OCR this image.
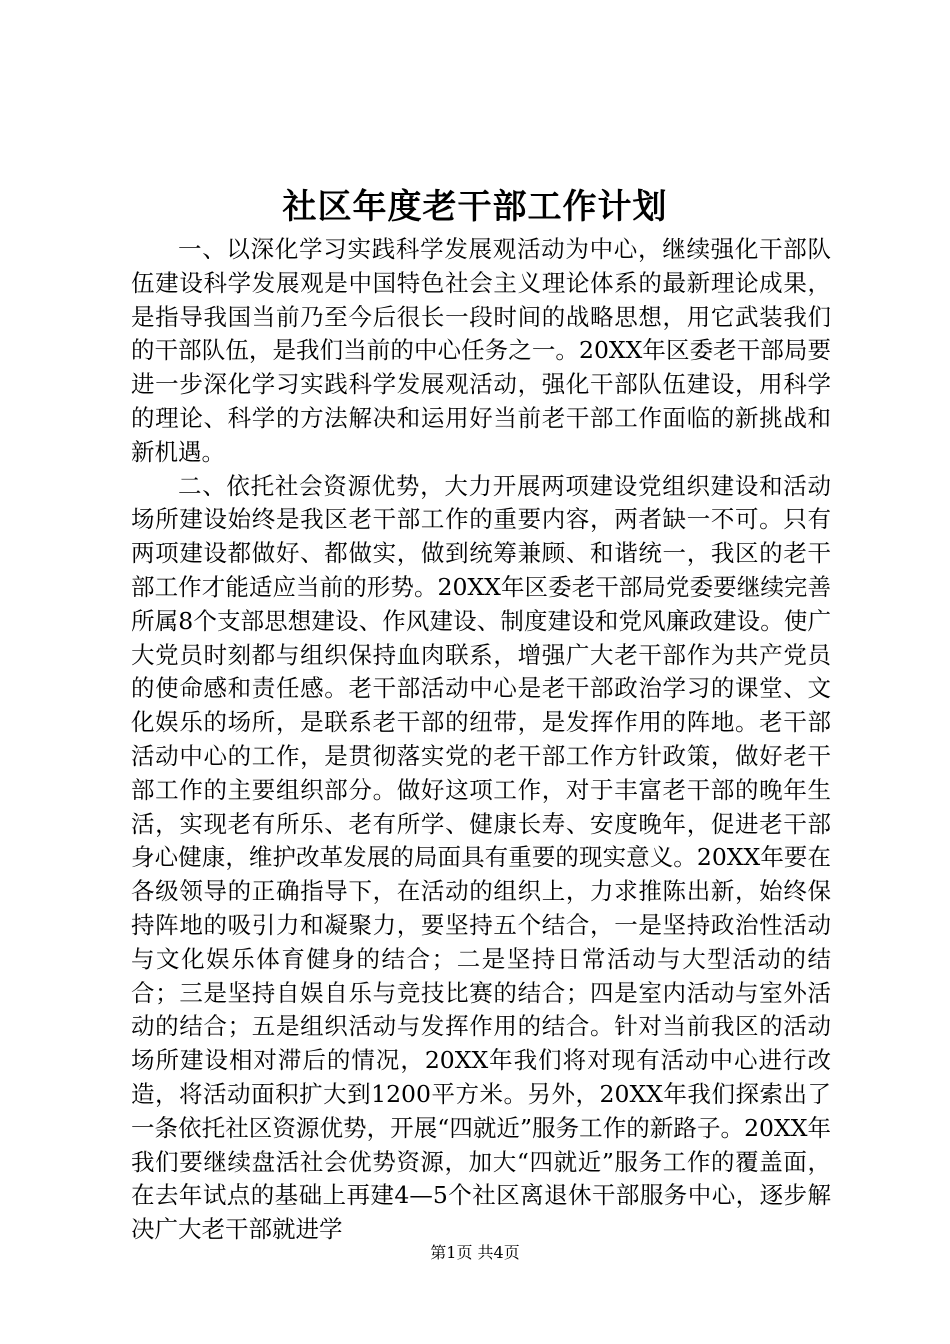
社区年度老干部工作计划

一、以深化学习实践科学发展观活动为中心，继续强化干部队伍建设科学发展观是中国特色社会主义理论体系的最新理论成果，是指导我国当前乃至今后很长一段时间的战略思想，用它武装我们的干部队伍，是我们当前的中心任务之一。20XX年区委老干部局要进一步深化学习实践科学发展观活动，强化干部队伍建设，用科学的理论、科学的方法解决和运用好当前老干部工作面临的新挑战和新机遇。

二、依托社会资源优势，大力开展两项建设党组织建设和活动场所建设始终是我区老干部工作的重要内容，两者缺一不可。只有两项建设都做好、都做实，做到统筹兼顾、和谐统一，我区的老干部工作才能适应当前的形势。20XX年区委老干部局党委要继续完善所属8个支部思想建设、作风建设、制度建设和党风廉政建设。使广大党员时刻都与组织保持血肉联系，增强广大老干部作为共产党员的使命感和责任感。老干部活动中心是老干部政治学习的课堂、文化娱乐的场所，是联系老干部的纽带，是发挥作用的阵地。老干部活动中心的工作，是贯彻落实党的老干部工作方针政策，做好老干部工作的主要组织部分。做好这项工作，对于丰富老干部的晚年生活，实现老有所乐、老有所学、健康长寿、安度晚年，促进老干部身心健康，维护改革发展的局面具有重要的现实意义。20XX年要在各级领导的正确指导下，在活动的组织上，力求推陈出新，始终保持阵地的吸引力和凝聚力，要坚持五个结合，一是坚持政治性活动与文化娱乐体育健身的结合；二是坚持日常活动与大型活动的结合；三是坚持自娱自乐与竞技比赛的结合；四是室内活动与室外活动的结合；五是组织活动与发挥作用的结合。针对当前我区的活动场所建设相对滞后的情况，20XX年我们将对现有活动中心进行改造，将活动面积扩大到1200平方米。另外，20XX年我们探索出了一条依托社区资源优势，开展“四就近”服务工作的新路子。20XX年我们要继续盘活社会优势资源，加大“四就近”服务工作的覆盖面，在去年试点的基础上再建4—5个社区离退休干部服务中心，逐步解决广大老干部就进学

第1页 共4页
